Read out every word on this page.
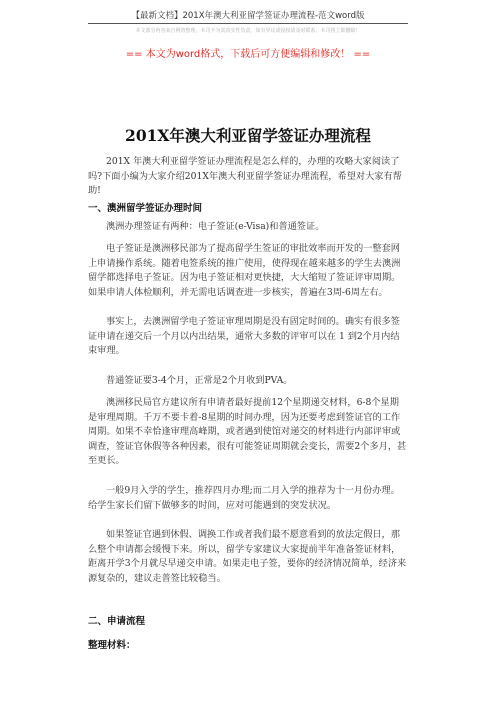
【最新文档】201X年澳大利亚留学签证办理流程-范文word版
本文部分内容来自网络整理，本司不为其真实性负责，如有异议或侵权请及时联系，本司将立即删除！
== 本文为word格式，下载后可方便编辑和修改！ ==
201X年澳大利亚留学签证办理流程

201X 年澳大利亚留学签证办理流程是怎么样的，办理的攻略大家阅读了吗?下面小编为大家介绍201X年澳大利亚留学签证办理流程，希望对大家有帮助!

一、澳洲留学签证办理时间

澳洲办理签证有两种：电子签证(e-Visa)和普通签证。

电子签证是澳洲移民部为了提高留学生签证的审批效率而开发的一整套网上申请操作系统。随着电签系统的推广使用，使得现在越来越多的学生去澳洲留学都选择电子签证。因为电子签证相对更快捷，大大缩短了签证评审周期。如果申请人体检顺利，并无需电话调查进一步核实，普遍在3周-6周左右。

事实上，去澳洲留学电子签证审理周期是没有固定时间的。确实有很多签证申请在递交后一个月以内出结果，通常大多数的评审可以在 1 到2个月内结束审理。

普通签证要3-4个月，正常是2个月收到PVA。

澳洲移民局官方建议所有申请者最好提前12个星期递交材料，6-8个星期是审理周期。千万不要卡着-8星期的时间办理，因为还要考虑到签证官的工作周期。如果不幸恰逢审理高峰期，或者遇到使馆对递交的材料进行内部评审或调查，签证官休假等各种因素，很有可能签证周期就会变长，需要2个多月，甚至更长。

一般9月入学的学生，推荐四月办理;而二月入学的推荐为十一月份办理。给学生家长们留下做够多的时间，应对可能遇到的突发状况。

如果签证官遇到休假、调换工作或者我们最不愿意看到的放法定假日，那么整个申请都会缓慢下来。所以，留学专家建议大家提前半年准备签证材料，距离开学3个月就尽早递交申请。如果走电子签，要你的经济情况简单，经济来源复杂的，建议走普签比较稳当。

二、申请流程
整理材料：
